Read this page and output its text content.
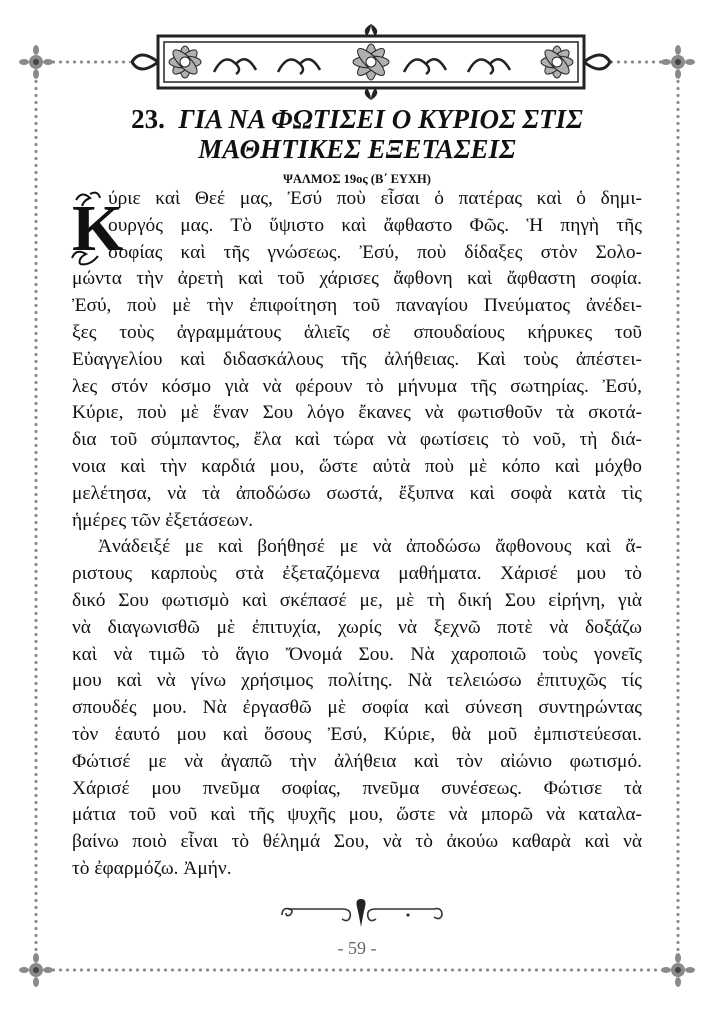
23. ΓΙΑ ΝΑ ΦΩΤΙΣΕΙ Ο ΚΥΡΙΟΣ ΣΤΙΣ
ΜΑΘΗΤΙΚΕΣ ΕΞΕΤΑΣΕΙΣ
ΨΑΛΜΟΣ 19ος (Β΄ ΕΥΧΗ)
Κ
ύριε καὶ Θεέ μας, Ἐσύ ποὺ εἶσαι ὁ πατέρας καὶ ὁ δημι-
ουργός μας. Τὸ ὕψιστο καὶ ἄφθαστο Φῶς. Ἡ πηγὴ τῆς
σοφίας καὶ τῆς γνώσεως. Ἐσύ, ποὺ δίδαξες στὸν Σολο-
μώντα τὴν ἀρετὴ καὶ τοῦ χάρισες ἄφθονη καὶ ἄφθαστη σοφία.
Ἐσύ, ποὺ μὲ τὴν ἐπιφοίτηση τοῦ παναγίου Πνεύματος ἀνέδει-
ξες τοὺς ἀγραμμάτους ἁλιεῖς σὲ σπουδαίους κήρυκες τοῦ
Εὐαγγελίου καὶ διδασκάλους τῆς ἀλήθειας. Καὶ τοὺς ἀπέστει-
λες στόν κόσμο γιὰ νὰ φέρουν τὸ μήνυμα τῆς σωτηρίας. Ἐσύ,
Κύριε, ποὺ μὲ ἕναν Σου λόγο ἔκανες νὰ φωτισθοῦν τὰ σκοτά-
δια τοῦ σύμπαντος, ἔλα καὶ τώρα νὰ φωτίσεις τὸ νοῦ, τὴ διά-
νοια καὶ τὴν καρδιά μου, ὥστε αὐτὰ ποὺ μὲ κόπο καὶ μόχθο
μελέτησα, νὰ τὰ ἀποδώσω σωστά, ἔξυπνα καὶ σοφὰ κατὰ τὶς
ἡμέρες τῶν ἐξετάσεων.
Ἀνάδειξέ με καὶ βοήθησέ με νὰ ἀποδώσω ἄφθονους καὶ ἄ-
ριστους καρποὺς στὰ ἐξεταζόμενα μαθήματα. Χάρισέ μου τὸ
δικό Σου φωτισμὸ καὶ σκέπασέ με, μὲ τὴ δική Σου εἰρήνη, γιὰ
νὰ διαγωνισθῶ μὲ ἐπιτυχία, χωρίς νὰ ξεχνῶ ποτὲ νὰ δοξάζω
καὶ νὰ τιμῶ τὸ ἅγιο Ὄνομά Σου. Νὰ χαροποιῶ τοὺς γονεῖς
μου καὶ νὰ γίνω χρήσιμος πολίτης. Νὰ τελειώσω ἐπιτυχῶς τίς
σπουδές μου. Νὰ ἐργασθῶ μὲ σοφία καὶ σύνεση συντηρώντας
τὸν ἑαυτό μου καὶ ὅσους Ἐσύ, Κύριε, θὰ μοῦ ἐμπιστεύεσαι.
Φώτισέ με νὰ ἀγαπῶ τὴν ἀλήθεια καὶ τὸν αἰώνιο φωτισμό.
Χάρισέ μου πνεῦμα σοφίας, πνεῦμα συνέσεως. Φώτισε τὰ
μάτια τοῦ νοῦ καὶ τῆς ψυχῆς μου, ὥστε νὰ μπορῶ νὰ καταλα-
βαίνω ποιὸ εἶναι τὸ θέλημά Σου, νὰ τὸ ἀκούω καθαρὰ καὶ νὰ
τὸ ἐφαρμόζω. Ἀμήν.
- 59 -
